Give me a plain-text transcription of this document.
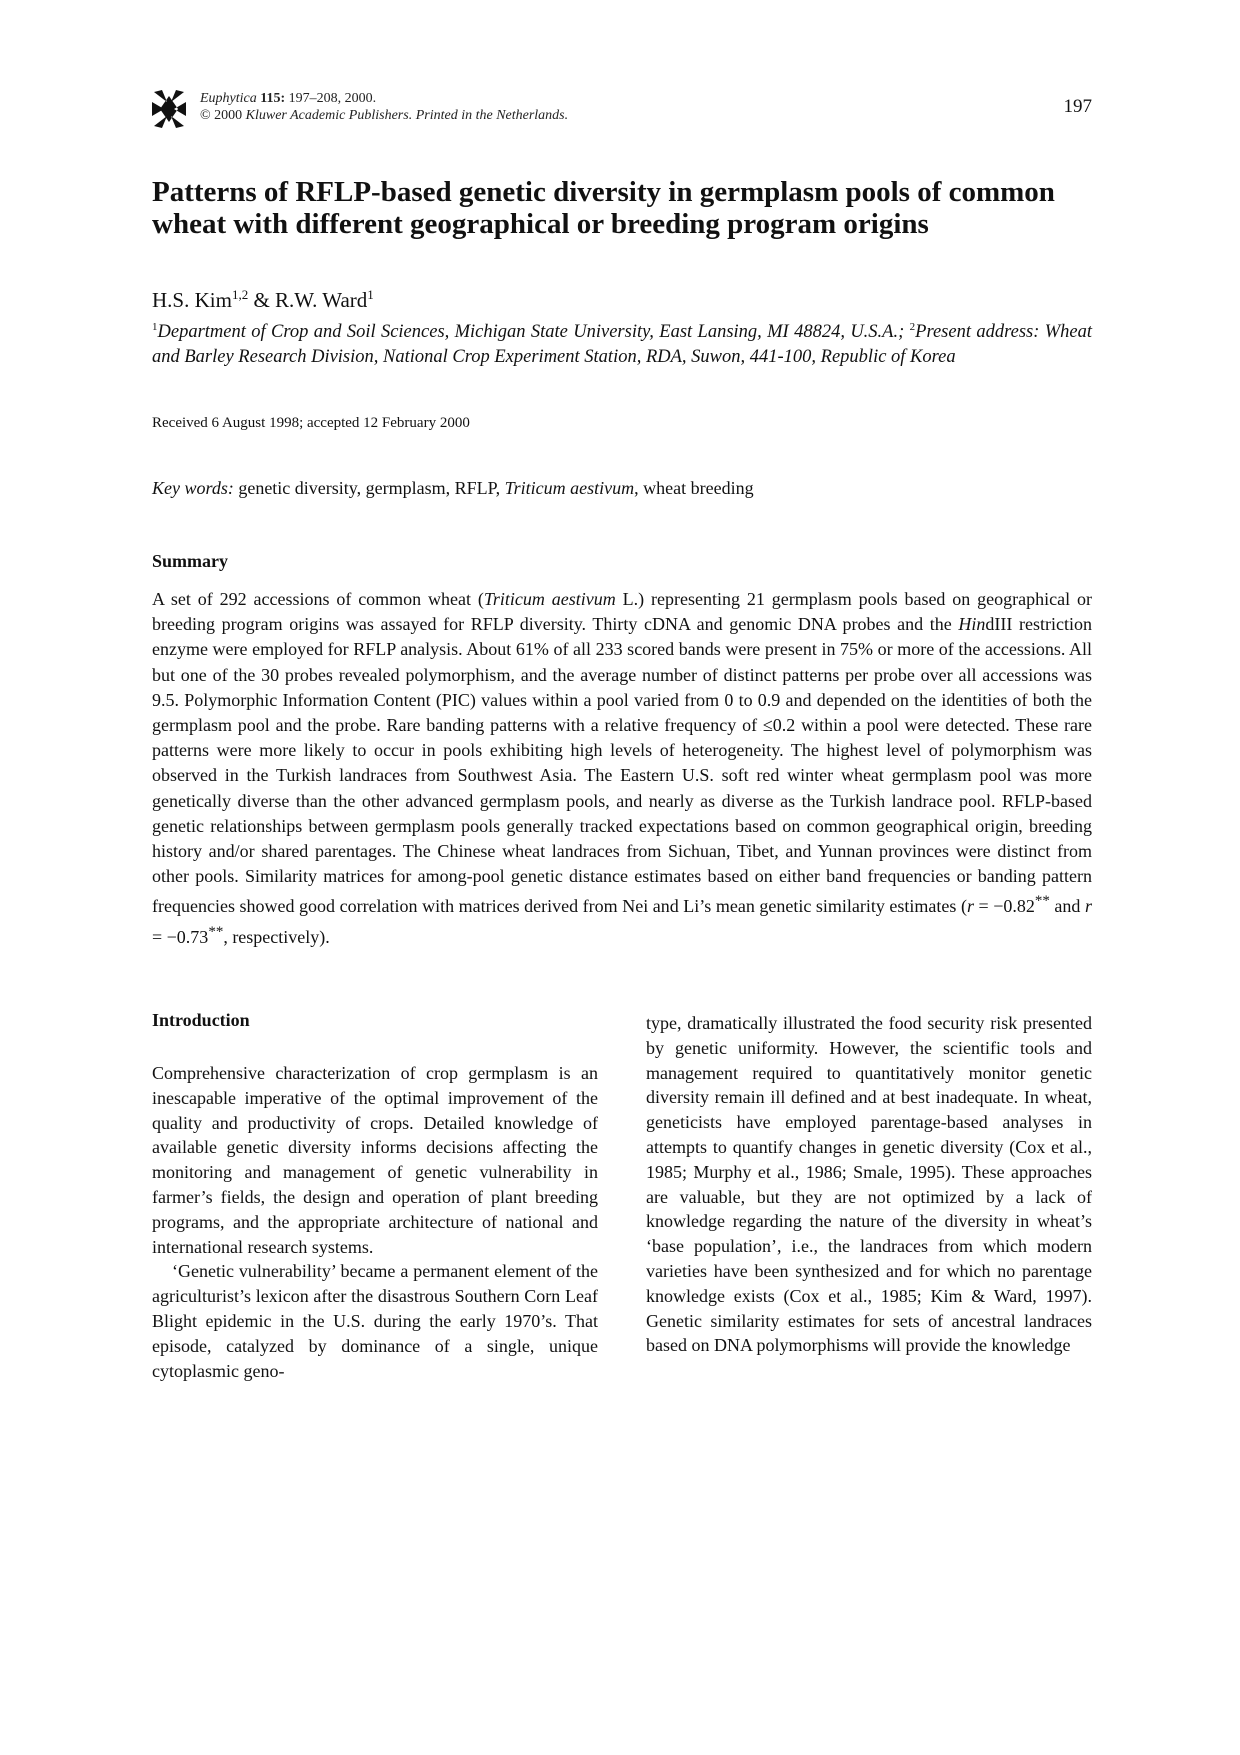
Euphytica 115: 197–208, 2000.
© 2000 Kluwer Academic Publishers. Printed in the Netherlands.	197
Patterns of RFLP-based genetic diversity in germplasm pools of common wheat with different geographical or breeding program origins
H.S. Kim$^{1,2}$ & R.W. Ward$^1$
$^1$Department of Crop and Soil Sciences, Michigan State University, East Lansing, MI 48824, U.S.A.; $^2$Present address: Wheat and Barley Research Division, National Crop Experiment Station, RDA, Suwon, 441-100, Republic of Korea
Received 6 August 1998; accepted 12 February 2000
Key words: genetic diversity, germplasm, RFLP, Triticum aestivum, wheat breeding
Summary

A set of 292 accessions of common wheat (Triticum aestivum L.) representing 21 germplasm pools based on geographical or breeding program origins was assayed for RFLP diversity. Thirty cDNA and genomic DNA probes and the HindIII restriction enzyme were employed for RFLP analysis. About 61% of all 233 scored bands were present in 75% or more of the accessions. All but one of the 30 probes revealed polymorphism, and the average number of distinct patterns per probe over all accessions was 9.5. Polymorphic Information Content (PIC) values within a pool varied from 0 to 0.9 and depended on the identities of both the germplasm pool and the probe. Rare banding patterns with a relative frequency of ≤0.2 within a pool were detected. These rare patterns were more likely to occur in pools exhibiting high levels of heterogeneity. The highest level of polymorphism was observed in the Turkish landraces from Southwest Asia. The Eastern U.S. soft red winter wheat germplasm pool was more genetically diverse than the other advanced germplasm pools, and nearly as diverse as the Turkish landrace pool. RFLP-based genetic relationships between germplasm pools generally tracked expectations based on common geographical origin, breeding history and/or shared parentages. The Chinese wheat landraces from Sichuan, Tibet, and Yunnan provinces were distinct from other pools. Similarity matrices for among-pool genetic distance estimates based on either band frequencies or banding pattern frequencies showed good correlation with matrices derived from Nei and Li’s mean genetic similarity estimates (r = −0.82** and r = −0.73**, respectively).

Introduction

Comprehensive characterization of crop germplasm is an inescapable imperative of the optimal improvement of the quality and productivity of crops. Detailed knowledge of available genetic diversity informs decisions affecting the monitoring and management of genetic vulnerability in farmer’s fields, the design and operation of plant breeding programs, and the appropriate architecture of national and international research systems.

‘Genetic vulnerability’ became a permanent element of the agriculturist’s lexicon after the disastrous Southern Corn Leaf Blight epidemic in the U.S. during the early 1970’s. That episode, catalyzed by dominance of a single, unique cytoplasmic geno-

type, dramatically illustrated the food security risk presented by genetic uniformity. However, the scientific tools and management required to quantitatively monitor genetic diversity remain ill defined and at best inadequate. In wheat, geneticists have employed parentage-based analyses in attempts to quantify changes in genetic diversity (Cox et al., 1985; Murphy et al., 1986; Smale, 1995). These approaches are valuable, but they are not optimized by a lack of knowledge regarding the nature of the diversity in wheat’s ‘base population’, i.e., the landraces from which modern varieties have been synthesized and for which no parentage knowledge exists (Cox et al., 1985; Kim & Ward, 1997). Genetic similarity estimates for sets of ancestral landraces based on DNA polymorphisms will provide the knowledge
